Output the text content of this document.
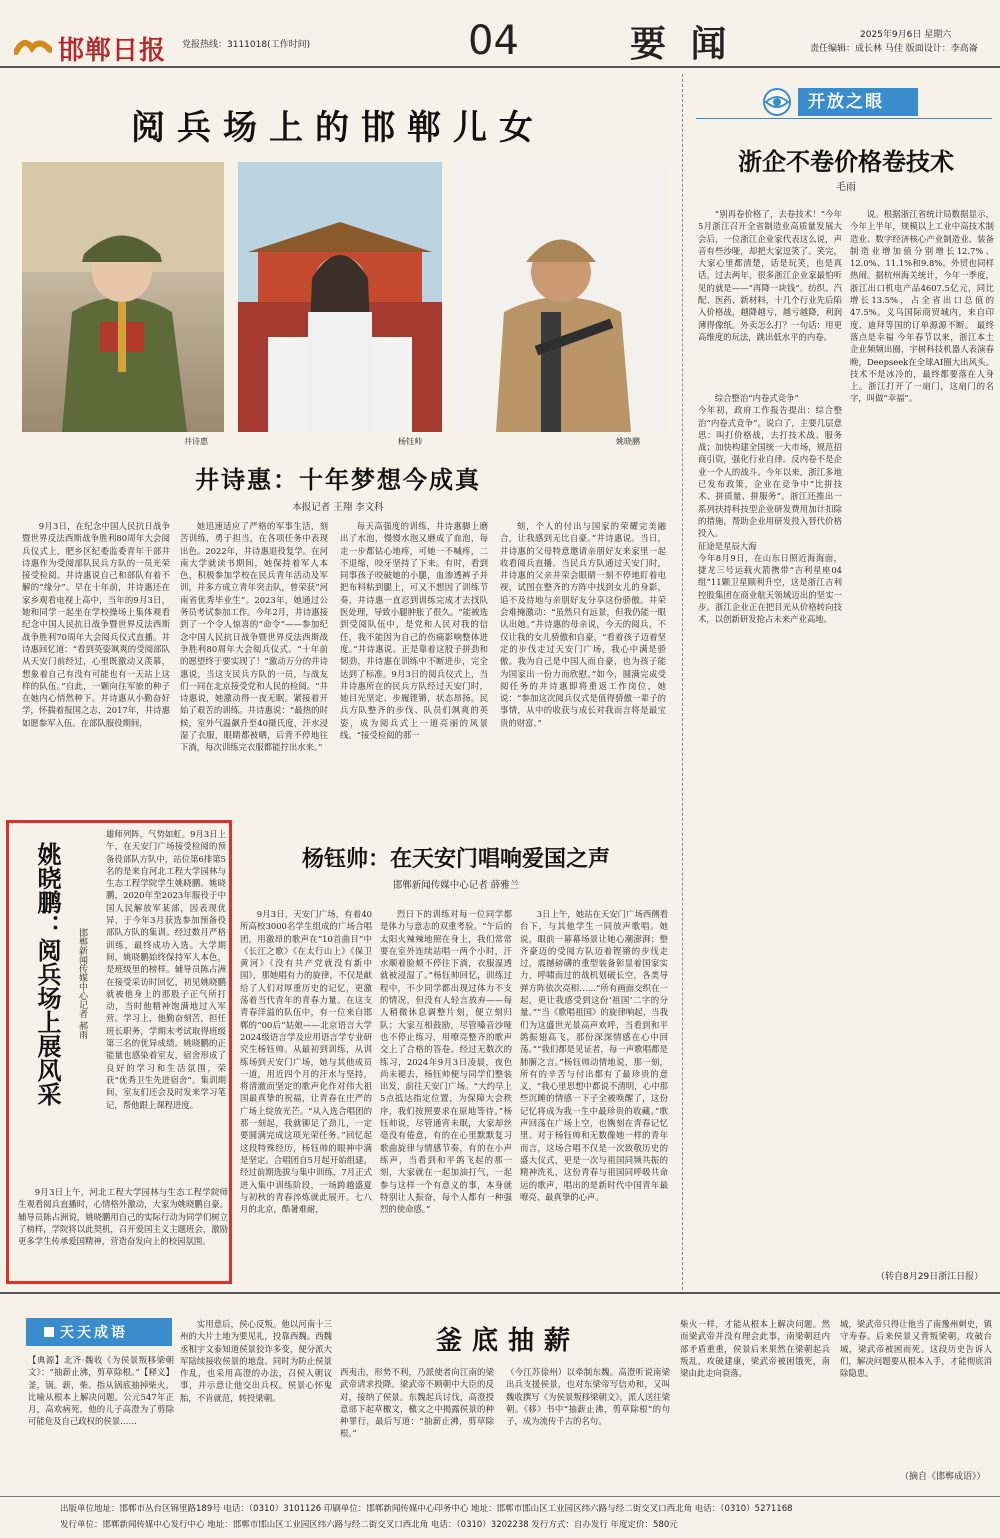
邯郸日报 党报热线：3111018(工作时间)	04	要 闻	2025年9月6日 星期六
责任编辑：成长林 马佳 版面设计：李高崙
阅兵场上的邯郸儿女
井诗惠	杨钰帅	姚晓鹏
井诗惠：十年梦想今成真
本报记者 王翔 李文科
9月3日，在纪念中国人民抗日战争暨世界反法西斯战争胜利80周年大会阅兵仪式上，肥乡区纪委监委青年干部井诗惠作为受阅部队民兵方队的一员光荣接受检阅。井诗惠说自己和部队有着不解的“缘分”。早在十年前，井诗惠还在家乡观看电视上高中，当年的9月3日，她和同学一起坐在学校操场上集体观看纪念中国人民抗日战争暨世界反法西斯战争胜利70周年大会阅兵仪式直播。井诗惠回忆道：“看到英姿飒爽的受阅部队从天安门前经过，心里既激动又羡慕，想象着自己有没有可能也有一天站上这样的队伍。”自此，一颗向往军旅的种子在她内心悄然种下。井诗惠从小勤奋好学，怀揣着报国之志，2017年，井诗惠如愿参军入伍。在部队服役期间，
她迅速适应了严格的军事生活，刻苦训练，勇于担当，在各项任务中表现出色。2022年，井诗惠退役复学。在河南大学就读书期间，她保持着军人本色，积极参加学校在民兵青年活动及军训，并多方成立青年突击队，曾荣获“河南省优秀毕业生”。2023年，她通过公务员考试参加工作。今年2月，井诗惠接到了一个令人惊喜的“命令”——参加纪念中国人民抗日战争暨世界反法西斯战争胜利80周年大会阅兵仪式。“十年前的愿望终于要实现了！”激动万分的井诗惠说，当这支民兵方队的一员，与战友们一同在北京接受党和人民的检阅。“井诗惠说，她激动得一夜无眠。紧接着开始了艰苦的训练。井诗惠说：“最热的时候，室外气温飙升至40摄氏度，汗水浸湿了衣服，眼睛都被晒，后背不停地往下淌，每次训练完衣服都能拧出水来。”
每天高强度的训练，井诗惠脚上磨出了水泡，慢慢水泡又磨成了血泡，每走一步都钻心地疼，可她一不喊疼，二不退缩，咬牙坚持了下来。有时，看到同事孩子咬破她的小腿，血渗透裤子并把布料粘到腿上，可又不想因了训练节奏，井诗惠一直忍到训练完成才去找队医处理，导致小腿肿胀了很久。“能被选到受阅队伍中，是党和人民对我的信任，我不能因为自己的伤痛影响整体进度。”井诗惠说。正是靠着这股子拼劲和韧劲，井诗惠在训练中不断进步，完全达到了标准。9月3日的阅兵仪式上，当井诗惠所在的民兵方队经过天安门时，她目光坚定、步履铿锵，状态昂扬。民兵方队整齐的步伐、队员们飒爽的英姿，成为阅兵式上一道亮丽的风景线。“接受检阅的那一
刻，个人的付出与国家的荣耀完美融合，让我感到无比自豪。”井诗惠说。当日，井诗惠的父母特意邀请亲朋好友来家里一起收看阅兵直播。当民兵方队通过天安门时，井诗惠的父亲井荣会眼睛一刻不停地盯着电视，试图在整齐的方阵中找到女儿的身影，追不及待地与亲朋好友分享这份骄傲。井荣会难掩激动：“虽然只有远景，但我仍能一眼认出她。”井诗惠的母亲说，今天的阅兵，不仅让我的女儿骄傲和自豪，“看着孩子迈着坚定的步伐走过天安门广场，我心中满是骄傲。我为自己是中国人而自豪，也为孩子能为国家出一份力而欣慰。”如今，圆满完成受阅任务的井诗惠即将重返工作岗位，她说：“参加这次阅兵仪式是值得骄傲一辈子的事情，从中的收获与成长对我而言将是最宝贵的财富。”
姚晓鹏：阅兵场上展风采	邯郸新闻传媒中心记者 郝雨
雄师列阵，气势如虹。9月3日上午，在天安门广场接受检阅的预备役部队方队中，站位第6排第5名的是来自河北工程大学园林与生态工程学院学生姚晓鹏。姚晓鹏，2020年至2023年服役于中国人民解放军某部，因表现优异，于今年3月获选参加预备役部队方队的集训。经过数月严格训练，最终成功入选。大学期间，姚晓鹏始终保持军人本色，是班级里的榜样。辅导员陈占洲在接受采访时回忆，初见姚晓鹏就被他身上的那股子正气所打动，当时他精神饱满地过入军营。学习上，他勤奋刻苦，担任班长职务，学期末考试取得班级第三名的优异成绩。姚晓鹏的正能量也感染着室友，宿舍形成了良好的学习和生活氛围，荣获“优秀卫生先进宿舍”。集训期间，室友们还会及时发来学习笔记，帮他跟上课程进度。
9月3日上午，河北工程大学园林与生态工程学院师生观看阅兵直播时，心情格外激动，大家为姚晓鹏自豪。辅导员陈占洲说，姚晓鹏用自己的实际行动为同学们树立了榜样，学院将以此契机，召开爱国主义主题班会，激励更多学生传承爱国精神，营造奋发向上的校园氛围。
杨钰帅：在天安门唱响爱国之声
邯郸新闻传媒中心记者 薛雅兰
9月3日，天安门广场，有着40所高校3000名学生组成的广场合唱团，用激昂的歌声在“10首曲目”中《长江之歌》《在太行山上》《保卫黄河》《没有共产党就没有新中国》，那她唱有力的旋律，不仅是献给了人们对厚重历史的记忆，更激荡着当代青年的青春力量。在这支青春洋溢的队伍中，有一位来自邯郸的“00后”姑娘——北京语言大学2024级语言学及应用语言学专业研究生杨钰帅。从最初到训练，从训练场到天安门广场，她与其他成员一道，用近四个月的汗水与坚持，将清澈而坚定的歌声化作对伟大祖国最真挚的祝福，让青春在庄严的广场上绽放光芒。“从入选合唱团的那一刻起，我就铆足了劲儿，一定要圆满完成这项光荣任务。”回忆起这段特殊经历，杨钰帅的眼神中满是坚定。合唱团自5月起开始组建，经过前期选拔与集中训练，7月正式进入集中训练阶段，一场跨越盛夏与初秋的青春淬炼就此展开。七八月的北京，酷暑难耐，
烈日下的训练对每一位同学都是体力与意志的双重考验。“午后的太阳火辣辣地照在身上，我们常常要在室外连续站唱一两个小时，汗水顺着脸颊不停往下淌，衣服湿透就被浸湿了。”杨钰帅回忆，训练过程中，不少同学都出现过体力不支的情况，但没有人轻言放弃——每人稍微休息调整片刻，便立刻归队；大家互相鼓励，尽管嗓音沙哑也不停止练习，用嘹亮整齐的歌声交上了合格的答卷。经过无数次的练习，2024年9月3日凌晨，夜色尚未褪去，杨钰帅便与同学们整装出发，前往天安门广场。“大约早上5点抵达指定位置，为保障大会秩序，我们按照要求在原地等待。”杨钰帅说，尽管通宵未眠，大家却丝毫没有倦意，有的在心里默默复习歌曲旋律与情感节奏，有的在小声练声，当看到和平鸽飞起的那一刻，大家就在一起加油打气，一起参与这样一个有意义的事，本身就特别让人振奋，每个人都有一种强烈的使命感。”
3日上午，她站在天安门广场西侧看台下，与其他学生一同放声歌唱。她说，眼前一幕幕场景让她心潮澎湃；整齐豪迈的受阅方队迈着铿锵的步伐走过，震撼磅礴的重型装备彰显着国家实力，呼啸而过的战机划破长空，各类导弹方阵依次亮相……“所有画面交织在一起，更让我感受到这份‘祖国’二字的分量。”“当《歌唱祖国》的旋律响起，当我们为这盛世光景高声欢呼，当看到和平鸽振翅高飞，那份深深情感在心中回荡。”“我们都是见证者，每一声歌唱都是肺腑之言。”杨钰帅动情地说，那一刻，所有的辛苦与付出都有了最珍贵的意义，“我心里思想中都说不清明，心中那些沉睡的情感一下子全被唤醒了，这份记忆将成为我一生中最珍贵的收藏。”歌声回荡在广场上空，也镌刻在青春记忆里。对于杨钰帅和无数像她一样的青年而言，这场合唱不仅是一次致敬历史的盛大仪式，更是一次与祖国同频共振的精神洗礼，这份青春与祖国同呼吸共命运的歌声，唱出的是新时代中国青年最嘹亮、最真挚的心声。
开放之眼
浙企不卷价格卷技术
毛雨
“别再卷价格了，去卷技术！”今年5月浙江召开全省制造业高质量发展大会后，一位浙江企业家代表这么说，声音有些沙哑，却把大家逗笑了。笑完，大家心里都清楚，话是玩笑，也是真话。过去两年，很多浙江企业家最怕听见的就是——“再降一块钱”。纺织、汽配、医药、新材料，十几个行业先后陷入价格战，越降越亏，越亏越降，利润薄得像纸。外卖怎么打？一句话：用更高维度的玩法，跳出低水平的内卷。
综合整治“内卷式竞争”
今年初，政府工作报告提出：综合整治“内卷式竞争”。说白了，主要几层意思：叫打价格战，去打技术战、服务战；加快构建全国统一大市场，规范招商引资，强化行业自律。反内卷不是企业一个人的战斗。今年以来，浙江多地已发布政策，企业在竞争中“比拼技术、拼质量、拼服务”。浙江还推出一系列扶持科技型企业研发费用加计扣除的措施，帮助企业用研发投入替代价格投入。
征途是星辰大海
今年8月9日，在山东日照近海海面，捷龙三号运载火箭携带“吉利星座04组”11颗卫星顺利升空，这是浙江吉利控股集团在商业航天领域迈出的坚实一步。浙江企业正在把目光从价格转向技术，以创新研发抢占未来产业高地。
说。根据浙江省统计局数据显示，今年上半年，规模以上工业中高技术制造业、数字经济核心产业制造业、装备制造业增加值分别增长12.7%、12.0%、11.1%和9.8%。外贸也同样热闹。据杭州海关统计，今年一季度，浙江出口机电产品4607.5亿元，同比增长13.5%，占全省出口总值的47.5%。义乌国际商贸城内，来自印度、迪拜等国的订单源源不断。 最终落点是幸福 今年春节以来，浙江本土企业频频出圈，宇树科技机器人表演春晚，Deepseek在全球AI圈大出风头。技术不是冰冷的，最终都要落在人身上。浙江打开了一扇门，这扇门的名字，叫做“幸福”。
（转自8月29日浙江日报）
天天成语
【典源】北齐·魏收《为侯景叛移梁朝文》：“抽薪止沸，剪草除根。”【释义】釜，锅。薪，柴。指从锅底抽掉柴火，比喻从根本上解决问题。公元547年正月，高欢病死，他的儿子高澄为了剪除可能危及自己政权的侯景……
实用意后，侯心反叛。他以河南十三州的大片土地为要见礼，投靠西魏。西魏丞相宇文泰知道侯景狡诈多变，便分派大军陆续接收侯景的地盘。同时为防止侯景作乱，也采用高澄的办法，召侯入朝议事，并示意让他交出兵权。侯景心怀鬼胎，不肯就范，转投梁朝。
釜底抽薪
西夷击，形势不利，乃派使者向江南的梁武帝请求投降。梁武帝不顾朝中大臣的反对，接纳了侯景。东魏起兵讨伐，高澄授意部下起草檄文，檄文之中揭露侯景的种种罪行，最后写道：“抽薪止沸，剪草除根。”
（今江苏徐州）以牵制东魏。高澄听说南梁出兵支援侯景，也对东梁帝写信劝和，又叫魏收撰写《为侯景叛移梁朝文》，派人送往梁朝。《移》书中“抽薪止沸，剪草除根”的句子，成为流传千古的名句。
柴火一样，才能从根本上解决问题。然而梁武帝并没有理会此事，南梁朝廷内部矛盾重重，侯景后来果然在梁朝起兵叛乱，攻破建康，梁武帝被困饿死，南梁由此走向衰落。
城，梁武帝只得让他当了南豫州刺史，镇守寿春。后来侯景又背叛梁朝，攻破台城，梁武帝被困而死。这段历史告诉人们，解决问题要从根本入手，才能彻底消除隐患。
（摘自《邯郸成语》）
出版单位地址：邯郸市丛台区锦里路189号 电话：（0310）3101126 印刷单位：邯郸新闻传媒中心印务中心 地址：邯郸市邯山区工业园区纬六路与经二街交叉口西北角 电话：（0310）5271168
发行单位：邯郸新闻传媒中心发行中心 地址：邯郸市邯山区工业园区纬六路与经二街交叉口西北角 电话：（0310）3202238 发行方式：自办发行 年度定价：580元
